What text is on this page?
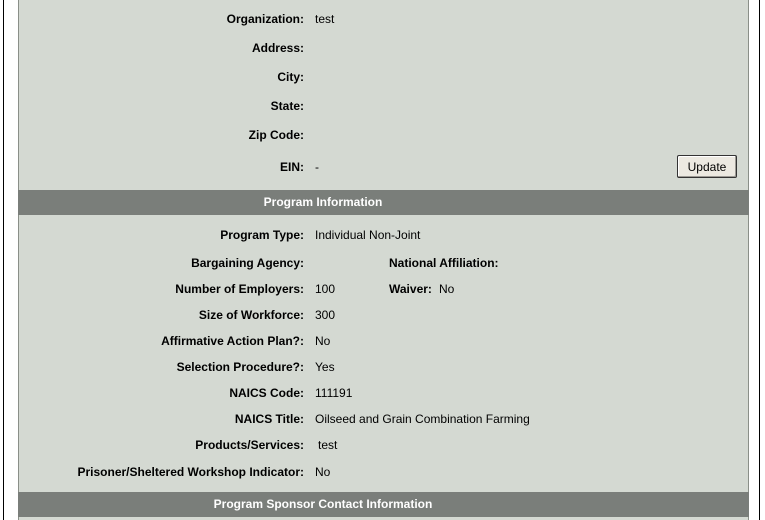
Organization: test
Address:
City:
State:
Zip Code:
EIN: -	Update
Program Information
Program Type: Individual Non-Joint
Bargaining Agency:	National Affiliation:
Number of Employers: 100	Waiver: No
Size of Workforce: 300
Affirmative Action Plan?: No
Selection Procedure?: Yes
NAICS Code: 111191
NAICS Title: Oilseed and Grain Combination Farming
Products/Services: test
Prisoner/Sheltered Workshop Indicator: No
Program Sponsor Contact Information
